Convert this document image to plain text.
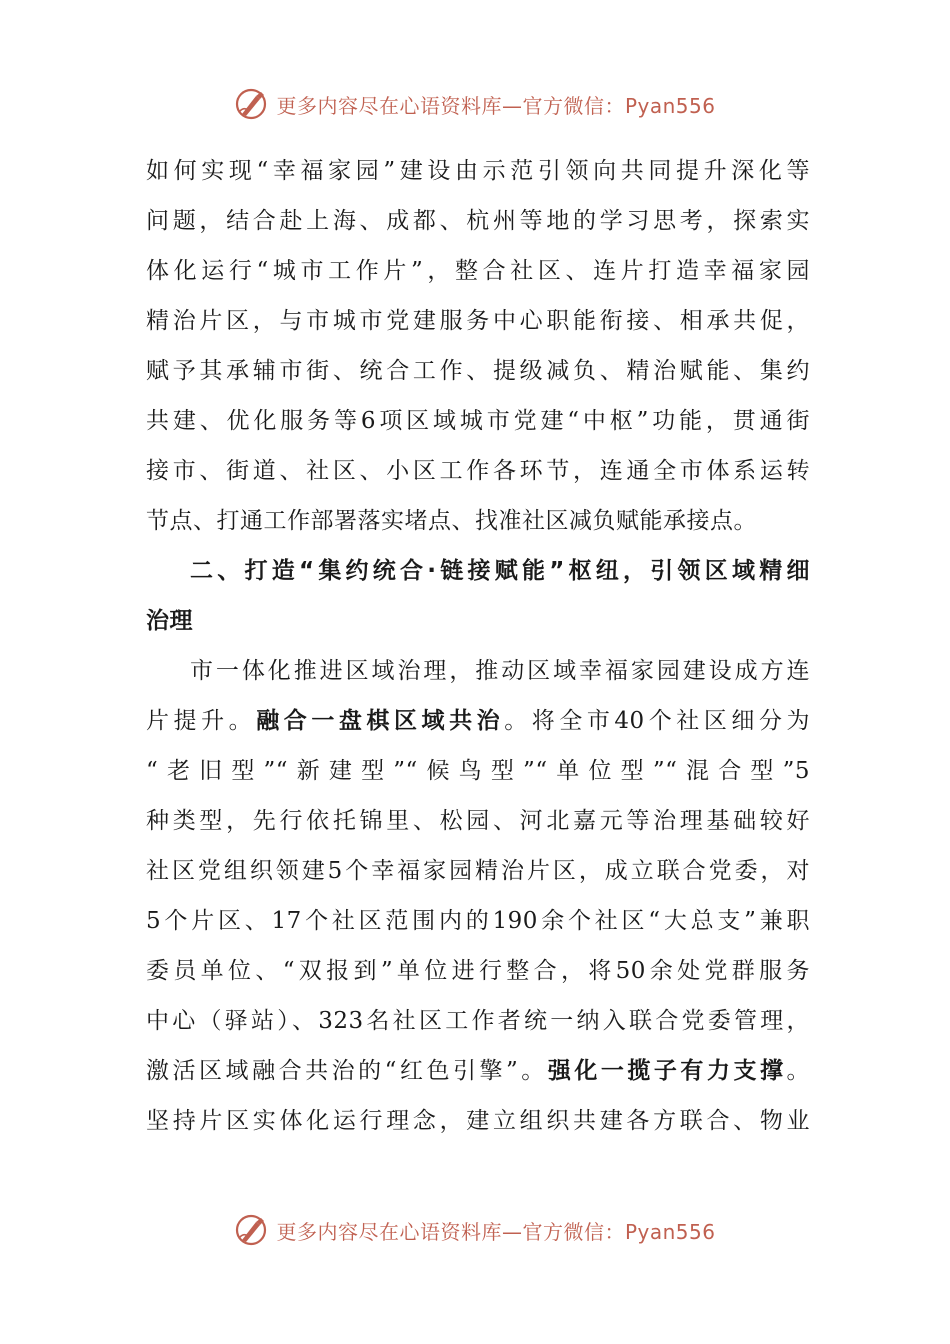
更多内容尽在心语资料库—官方微信：Pyan556
如何实现“幸福家园”建设由示范引领向共同提升深化等
问题，结合赴上海、成都、杭州等地的学习思考，探索实
体化运行“城市工作片”，整合社区、连片打造幸福家园
精治片区，与市城市党建服务中心职能衔接、相承共促，
赋予其承辅市街、统合工作、提级减负、精治赋能、集约
共建、优化服务等6项区域城市党建“中枢”功能，贯通街
接市、街道、社区、小区工作各环节，连通全市体系运转
节点、打通工作部署落实堵点、找准社区减负赋能承接点。
二、打造“集约统合·链接赋能”枢纽，引领区域精细
治理
市一体化推进区域治理，推动区域幸福家园建设成方连
片提升。融合一盘棋区域共治。将全市40个社区细分为
“老旧型”“新建型”“候鸟型”“单位型”“混合型”5
种类型，先行依托锦里、松园、河北嘉元等治理基础较好
社区党组织领建5个幸福家园精治片区，成立联合党委，对
5个片区、17个社区范围内的190余个社区“大总支”兼职
委员单位、“双报到”单位进行整合，将50余处党群服务
中心（驿站）、323名社区工作者统一纳入联合党委管理，
激活区域融合共治的“红色引擎”。强化一揽子有力支撑。
坚持片区实体化运行理念，建立组织共建各方联合、物业
更多内容尽在心语资料库—官方微信：Pyan556
